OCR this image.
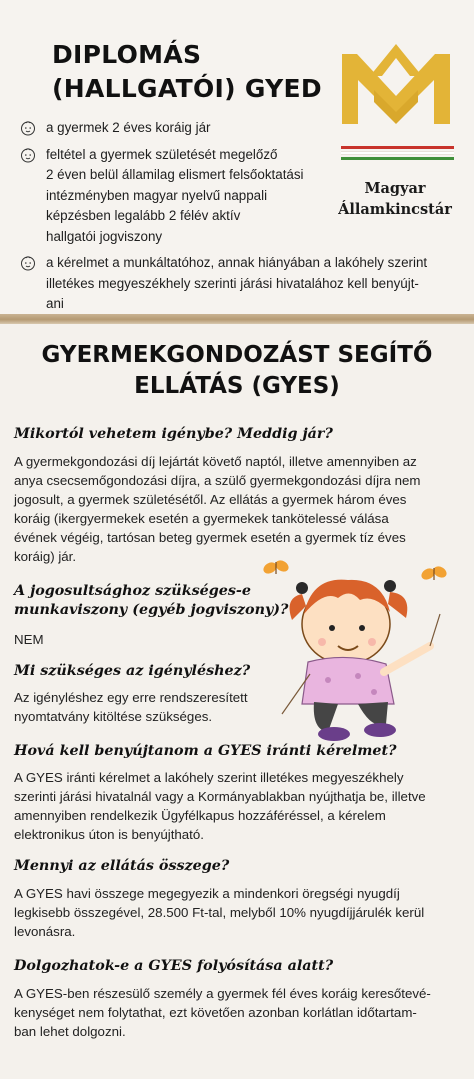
DIPLOMÁS
(HALLGATÓI) GYED
a gyermek 2 éves koráig jár
feltétel a gyermek születését megelőző
2 éven belül államilag elismert felsőoktatási
intézményben magyar nyelvű nappali
képzésben legalább 2 félév aktív
hallgatói jogviszony
a kérelmet a munkáltatóhoz, annak hiányában a lakóhely szerint
illetékes megyeszékhely szerinti járási hivatalához kell benyújt-
ani
Magyar
Államkincstár
GYERMEKGONDOZÁST SEGÍTŐ
ELLÁTÁS (GYES)
Mikortól vehetem igénybe? Meddig jár?
A gyermekgondozási díj lejártát követő naptól, illetve amennyiben az
anya csecsemőgondozási díjra, a szülő gyermekgondozási díjra nem
jogosult, a gyermek születésétől. Az ellátás a gyermek három éves
koráig (ikergyermekek esetén a gyermekek tankötelessé válása
évének végéig, tartósan beteg gyermek esetén a gyermek tíz éves
koráig) jár.
A jogosultsághoz szükséges-e
munkaviszony (egyéb jogviszony)?
NEM
Mi szükséges az igényléshez?
Az igényléshez egy erre rendszeresített
nyomtatvány kitöltése szükséges.
Hová kell benyújtanom a GYES iránti kérelmet?
A GYES iránti kérelmet a lakóhely szerint illetékes megyeszékhely
szerinti járási hivatalnál vagy a Kormányablakban nyújthatja be, illetve
amennyiben rendelkezik Ügyfélkapus hozzáféréssel, a kérelem
elektronikus úton is benyújtható.
Mennyi az ellátás összege?
A GYES havi összege megegyezik a mindenkori öregségi nyugdíj
legkisebb összegével, 28.500 Ft-tal, melyből 10% nyugdíjjárulék kerül
levonásra.
Dolgozhatok-e a GYES folyósítása alatt?
A GYES-ben részesülő személy a gyermek fél éves koráig keresőtevé-
kenységet nem folytathat, ezt követően azonban korlátlan időtartam-
ban lehet dolgozni.
